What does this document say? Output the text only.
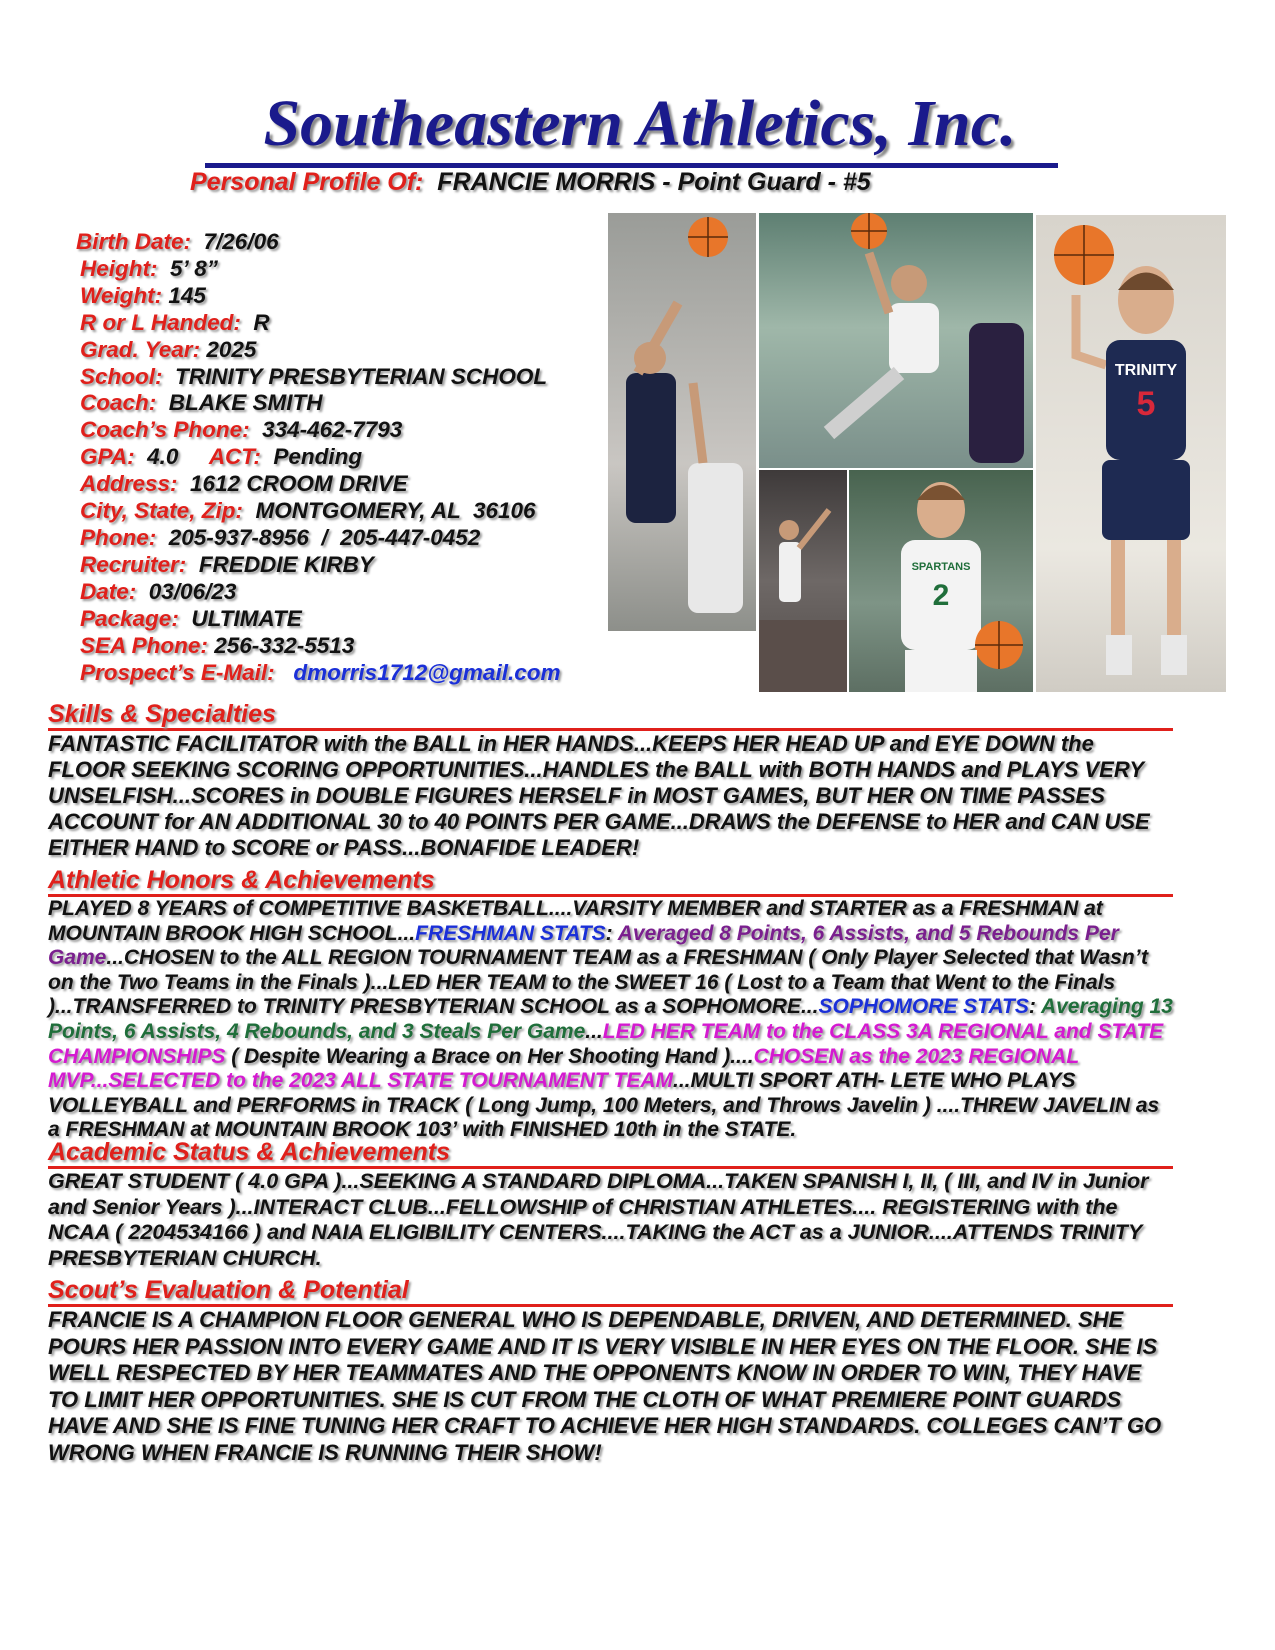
Southeastern Athletics, Inc.
Personal Profile Of: FRANCIE MORRIS - Point Guard - #5
Birth Date: 7/26/06
Height: 5’ 8”
Weight: 145
R or L Handed: R
Grad. Year: 2025
School: TRINITY PRESBYTERIAN SCHOOL
Coach: BLAKE SMITH
Coach’s Phone: 334-462-7793
GPA: 4.0 ACT: Pending
Address: 1612 CROOM DRIVE
City, State, Zip: MONTGOMERY, AL  36106
Phone: 205-937-8956  /  205-447-0452
Recruiter: FREDDIE KIRBY
Date: 03/06/23
Package: ULTIMATE
SEA Phone: 256-332-5513
Prospect’s E-Mail: dmorris1712@gmail.com
SPARTANS
2
TRINITY
5
Skills & Specialties
FANTASTIC FACILITATOR with the BALL in HER HANDS...KEEPS HER HEAD UP and EYE DOWN the FLOOR SEEKING SCORING OPPORTUNITIES...HANDLES the BALL with BOTH HANDS and PLAYS VERY UNSELFISH...SCORES in DOUBLE FIGURES HERSELF in MOST GAMES, BUT HER ON TIME PASSES ACCOUNT for AN ADDITIONAL 30 to 40 POINTS PER GAME...DRAWS the DEFENSE to HER and CAN USE EITHER HAND to SCORE or PASS...BONAFIDE LEADER!
Athletic Honors & Achievements
PLAYED 8 YEARS of COMPETITIVE BASKETBALL....VARSITY MEMBER and STARTER as a FRESHMAN at MOUNTAIN BROOK HIGH SCHOOL...FRESHMAN STATS: Averaged 8 Points, 6 Assists, and 5 Rebounds Per Game...CHOSEN to the ALL REGION TOURNAMENT TEAM as a FRESHMAN ( Only Player Selected that Wasn’t on the Two Teams in the Finals )...LED HER TEAM to the SWEET 16 ( Lost to a Team that Went to the Finals )...TRANSFERRED to TRINITY PRESBYTERIAN SCHOOL as a SOPHOMORE...SOPHOMORE STATS: Averaging 13 Points, 6 Assists, 4 Rebounds, and 3 Steals Per Game...LED HER TEAM to the CLASS 3A REGIONAL and STATE CHAMPIONSHIPS ( Despite Wearing a Brace on Her Shooting Hand )....CHOSEN as the 2023 REGIONAL MVP...SELECTED to the 2023 ALL STATE TOURNAMENT TEAM...MULTI SPORT ATH- LETE WHO PLAYS VOLLEYBALL and PERFORMS in TRACK ( Long Jump, 100 Meters, and Throws Javelin ) ....THREW JAVELIN as a FRESHMAN at MOUNTAIN BROOK 103’ with FINISHED 10th in the STATE.
Academic Status & Achievements
GREAT STUDENT ( 4.0 GPA )...SEEKING A STANDARD DIPLOMA...TAKEN SPANISH I, II, ( III, and IV in Junior and Senior Years )...INTERACT CLUB...FELLOWSHIP of CHRISTIAN ATHLETES.... REGISTERING with the NCAA ( 2204534166 ) and NAIA ELIGIBILITY CENTERS....TAKING the ACT as a JUNIOR....ATTENDS TRINITY PRESBYTERIAN CHURCH.
Scout’s Evaluation & Potential
FRANCIE IS A CHAMPION FLOOR GENERAL WHO IS DEPENDABLE, DRIVEN, AND DETERMINED. SHE POURS HER PASSION INTO EVERY GAME AND IT IS VERY VISIBLE IN HER EYES ON THE FLOOR. SHE IS WELL RESPECTED BY HER TEAMMATES AND THE OPPONENTS KNOW IN ORDER TO WIN, THEY HAVE TO LIMIT HER OPPORTUNITIES. SHE IS CUT FROM THE CLOTH OF WHAT PREMIERE POINT GUARDS HAVE AND SHE IS FINE TUNING HER CRAFT TO ACHIEVE HER HIGH STANDARDS. COLLEGES CAN’T GO WRONG WHEN FRANCIE IS RUNNING THEIR SHOW!
